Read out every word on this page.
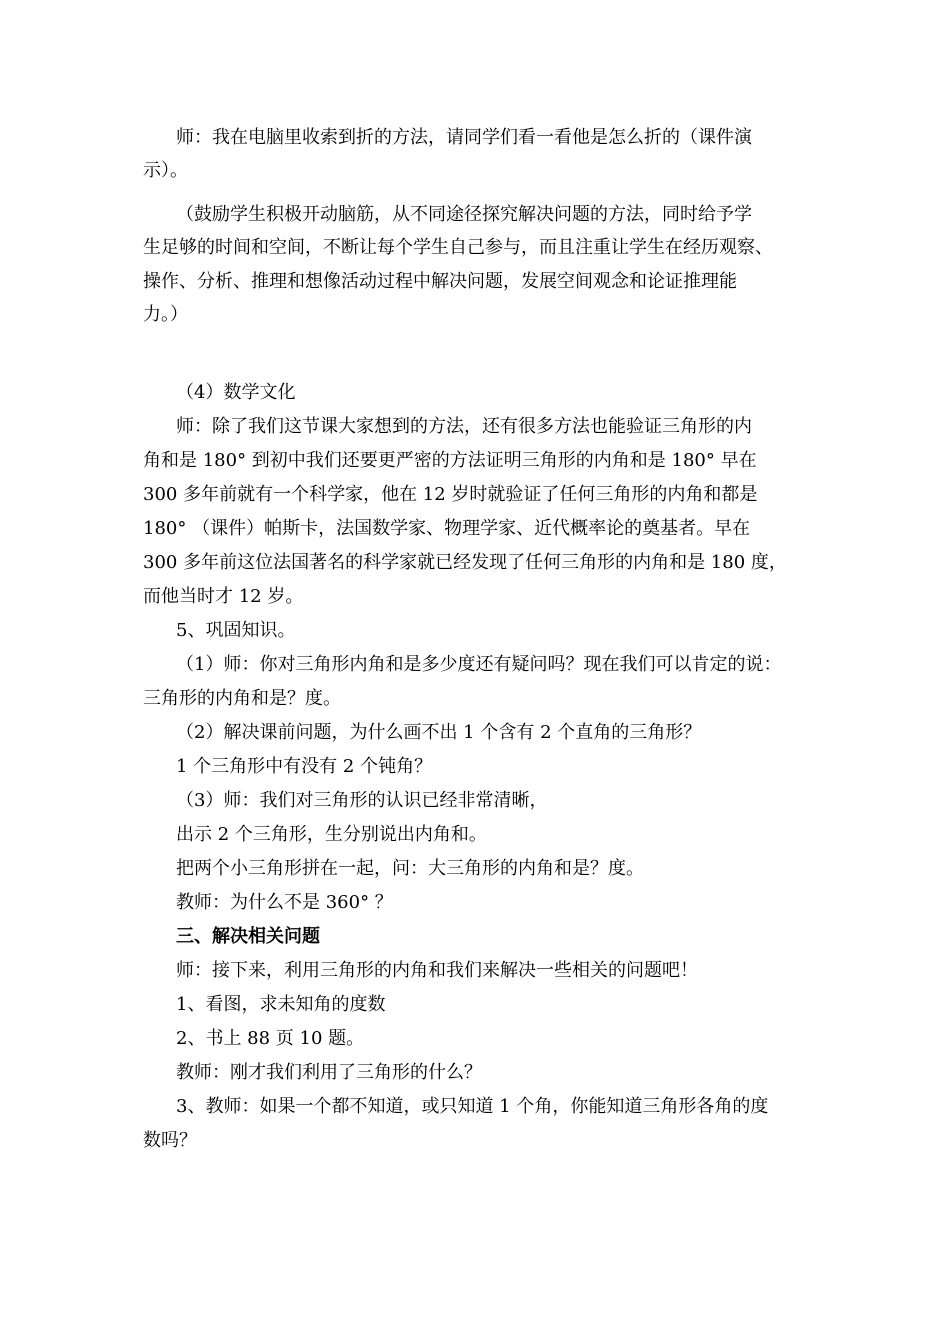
师：我在电脑里收索到折的方法，请同学们看一看他是怎么折的（课件演
示）。
（鼓励学生积极开动脑筋，从不同途径探究解决问题的方法，同时给予学
生足够的时间和空间，不断让每个学生自己参与，而且注重让学生在经历观察、
操作、分析、推理和想像活动过程中解决问题，发展空间观念和论证推理能
力。）
（4）数学文化
师：除了我们这节课大家想到的方法，还有很多方法也能验证三角形的内
角和是 180° 到初中我们还要更严密的方法证明三角形的内角和是 180° 早在
300 多年前就有一个科学家，他在 12 岁时就验证了任何三角形的内角和都是
180° （课件）帕斯卡，法国数学家、物理学家、近代概率论的奠基者。早在
300 多年前这位法国著名的科学家就已经发现了任何三角形的内角和是 180 度，
而他当时才 12 岁。
5、巩固知识。
（1）师：你对三角形内角和是多少度还有疑问吗？现在我们可以肯定的说：
三角形的内角和是？度。
（2）解决课前问题，为什么画不出 1 个含有 2 个直角的三角形？
1 个三角形中有没有 2 个钝角？
（3）师：我们对三角形的认识已经非常清晰，
出示 2 个三角形，生分别说出内角和。
把两个小三角形拼在一起，问：大三角形的内角和是？度。
教师：为什么不是 360° ？
三、解决相关问题
师：接下来，利用三角形的内角和我们来解决一些相关的问题吧！
1、看图，求未知角的度数
2、书上 88 页 10 题。
教师：刚才我们利用了三角形的什么？
3、教师：如果一个都不知道，或只知道 1 个角，你能知道三角形各角的度
数吗？
